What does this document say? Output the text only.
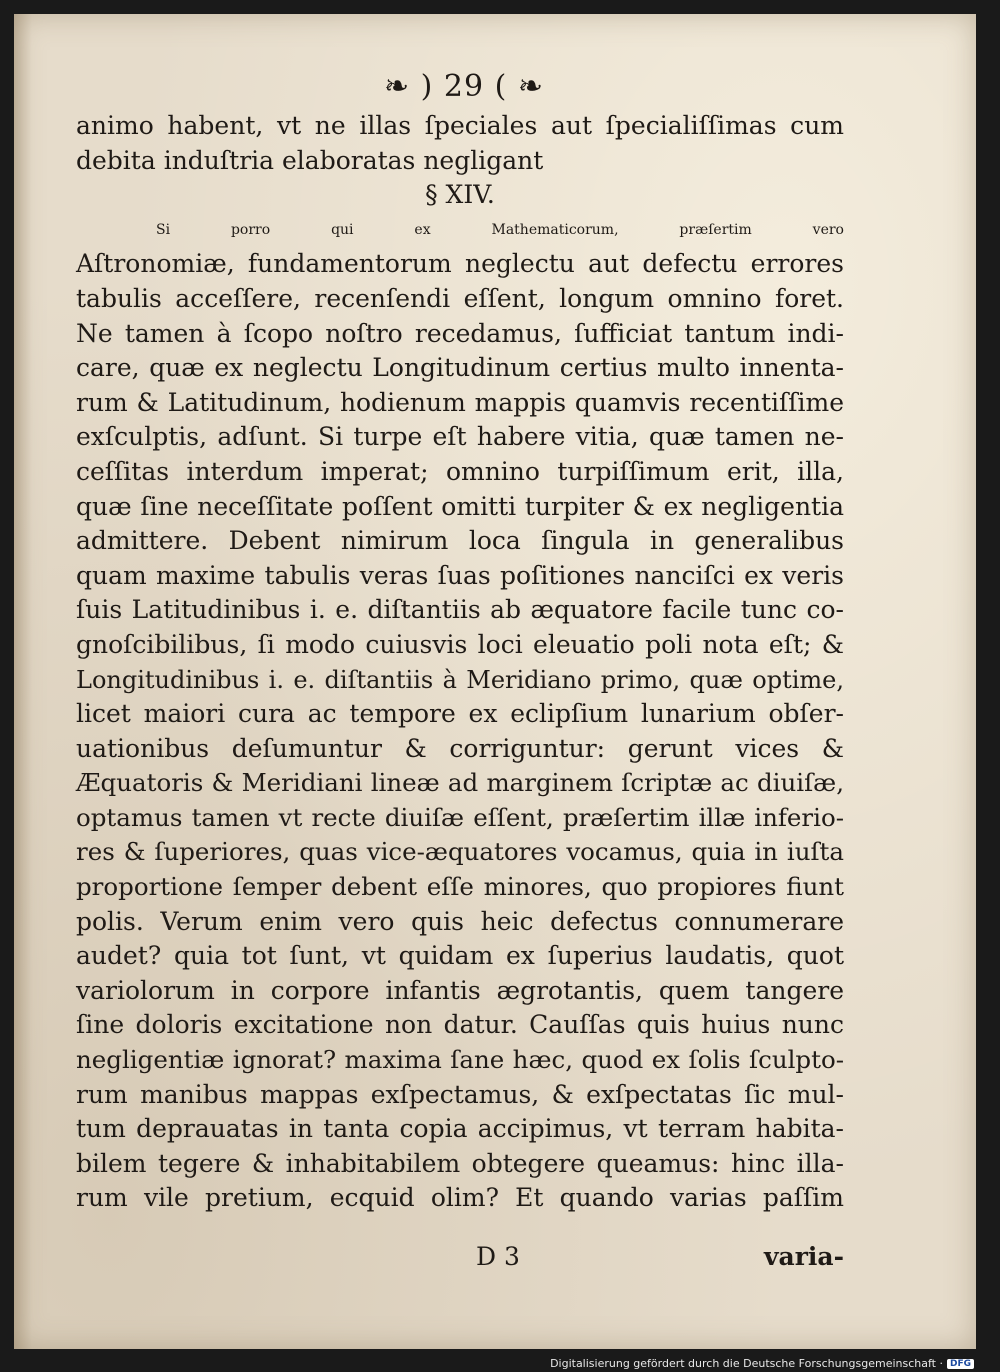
❧ ) 29 ( ❧
animo habent, vt ne illas ſpeciales aut ſpecialiſſimas cum
debita induſtria elaboratas negligant
§ XIV.
Si porro qui ex Mathematicorum, præſertim vero
Aſtronomiæ, fundamentorum neglectu aut defectu errores
tabulis acceſſere, recenſendi eſſent, longum omnino foret.
Ne tamen à ſcopo noſtro recedamus, ſufficiat tantum indi-
care, quæ ex neglectu Longitudinum certius multo innenta-
rum & Latitudinum, hodienum mappis quamvis recentiſſime
exſculptis, adſunt. Si turpe eſt habere vitia, quæ tamen ne-
ceſſitas interdum imperat; omnino turpiſſimum erit, illa,
quæ ſine neceſſitate poſſent omitti turpiter & ex negligentia
admittere. Debent nimirum loca ſingula in generalibus
quam maxime tabulis veras ſuas poſitiones nanciſci ex veris
ſuis Latitudinibus i. e. diſtantiis ab æquatore facile tunc co-
gnoſcibilibus, ſi modo cuiusvis loci eleuatio poli nota eſt; &
Longitudinibus i. e. diſtantiis à Meridiano primo, quæ optime,
licet maiori cura ac tempore ex eclipſium lunarium obſer-
uationibus deſumuntur & corriguntur: gerunt vices &
Æquatoris & Meridiani lineæ ad marginem ſcriptæ ac diuiſæ,
optamus tamen vt recte diuiſæ eſſent, præſertim illæ inferio-
res & ſuperiores, quas vice-æquatores vocamus, quia in iuſta
proportione ſemper debent eſſe minores, quo propiores fiunt
polis. Verum enim vero quis heic defectus connumerare
audet? quia tot ſunt, vt quidam ex ſuperius laudatis, quot
variolorum in corpore infantis ægrotantis, quem tangere
ſine doloris excitatione non datur. Cauſſas quis huius nunc
negligentiæ ignorat? maxima ſane hæc, quod ex ſolis ſculpto-
rum manibus mappas exſpectamus, & exſpectatas ſic mul-
tum deprauatas in tanta copia accipimus, vt terram habita-
bilem tegere & inhabitabilem obtegere queamus: hinc illa-
rum vile pretium, ecquid olim? Et quando varias paſſim
D 3	varia-
Digitalisierung gefördert durch die Deutsche Forschungsgemeinschaft · DFG
